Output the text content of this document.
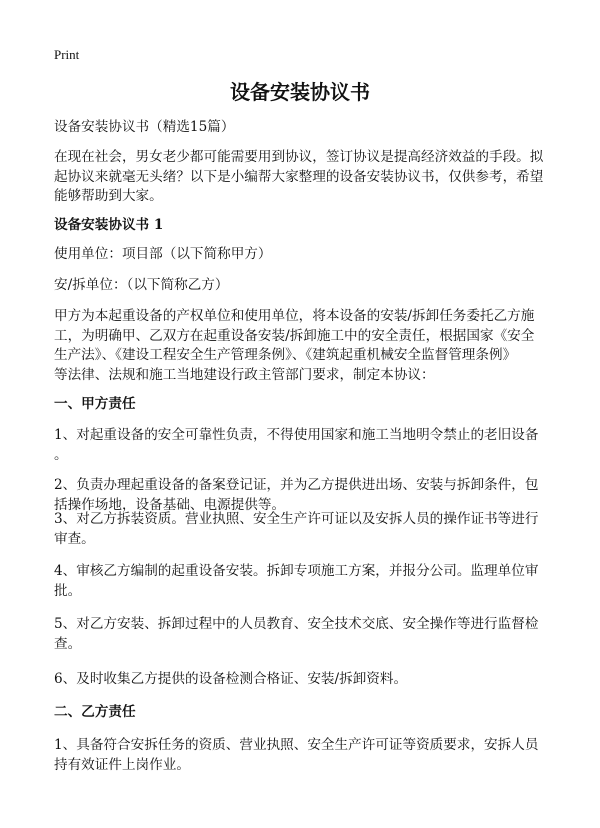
Print
设备安装协议书
设备安装协议书（精选15篇）
在现在社会，男女老少都可能需要用到协议，签订协议是提高经济效益的手段。拟
起协议来就毫无头绪？以下是小编帮大家整理的设备安装协议书，仅供参考，希望
能够帮助到大家。
设备安装协议书 1
使用单位：项目部（以下简称甲方）
安/拆单位：（以下简称乙方）
甲方为本起重设备的产权单位和使用单位，将本设备的安装/拆卸任务委托乙方施
工，为明确甲、乙双方在起重设备安装/拆卸施工中的安全责任，根据国家《安全
生产法》、《建设工程安全生产管理条例》、《建筑起重机械安全监督管理条例》
等法律、法规和施工当地建设行政主管部门要求，制定本协议：
一、甲方责任
1、对起重设备的安全可靠性负责，不得使用国家和施工当地明令禁止的老旧设备
。
2、负责办理起重设备的备案登记证，并为乙方提供进出场、安装与拆卸条件，包
括操作场地，设备基础、电源提供等。
3、对乙方拆装资质。营业执照、安全生产许可证以及安拆人员的操作证书等进行
审查。
4、审核乙方编制的起重设备安装。拆卸专项施工方案，并报分公司。监理单位审
批。
5、对乙方安装、拆卸过程中的人员教育、安全技术交底、安全操作等进行监督检
查。
6、及时收集乙方提供的设备检测合格证、安装/拆卸资料。
二、乙方责任
1、具备符合安拆任务的资质、营业执照、安全生产许可证等资质要求，安拆人员
持有效证件上岗作业。
